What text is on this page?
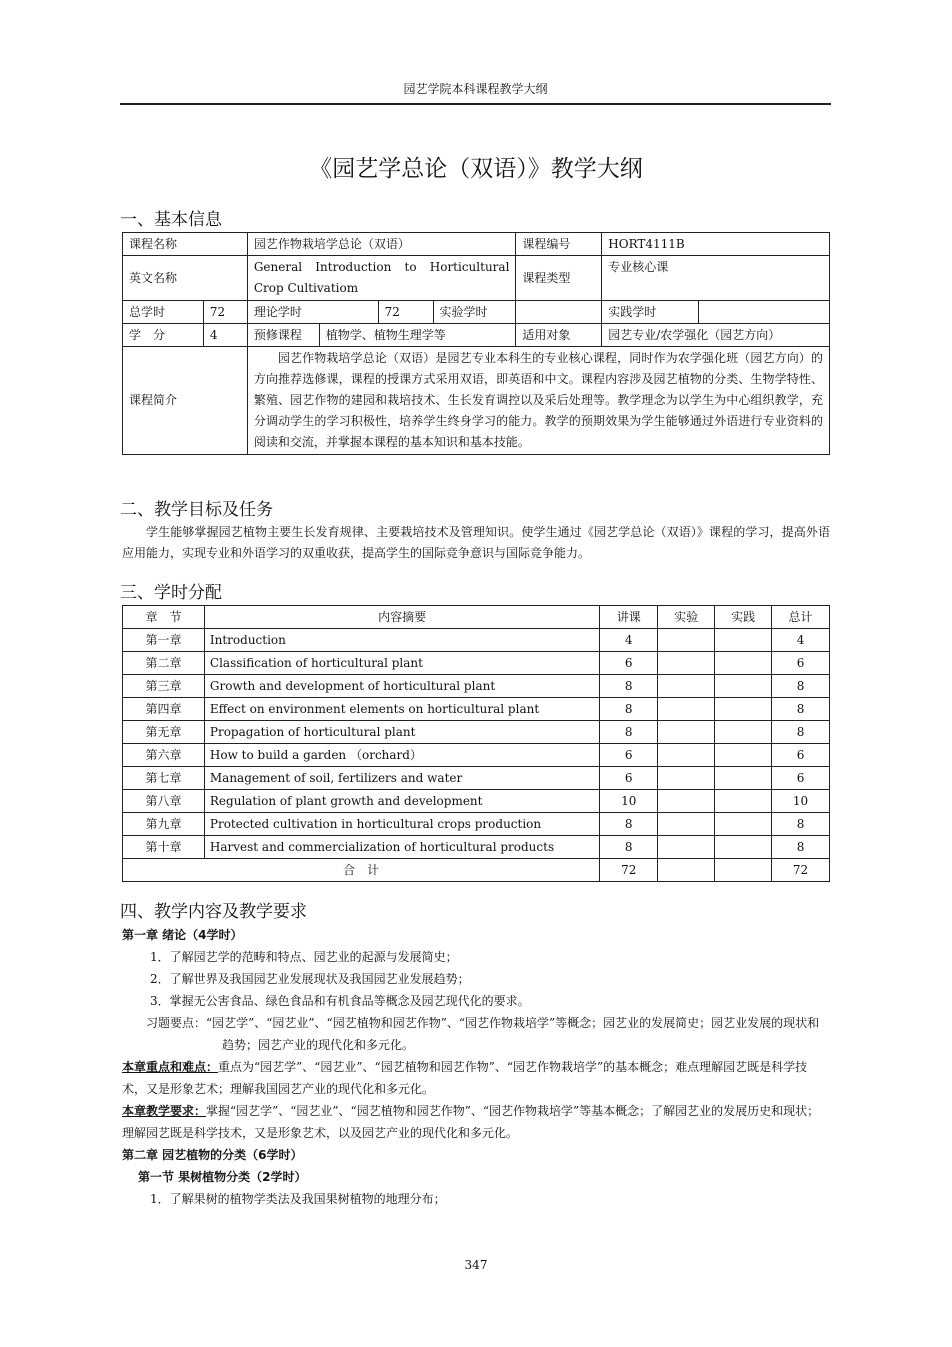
园艺学院本科课程教学大纲
《园艺学总论（双语）》教学大纲
一、基本信息
课程名称		园艺作物栽培学总论（双语）				课程编号	HORT4111B	
英文名称		General Introduction to Horticultural Crop Cultivatiom				课程类型	专业核心课	
总学时	72	理论学时		72	实验学时		实践学时	
学　分	4	预修课程	植物学、植物生理学等			适用对象	园艺专业/农学强化（园艺方向）	
课程简介		园艺作物栽培学总论（双语）是园艺专业本科生的专业核心课程，同时作为农学强化班（园艺方向）的方向推荐选修课，课程的授课方式采用双语，即英语和中文。课程内容涉及园艺植物的分类、生物学特性、繁殖、园艺作物的建园和栽培技术、生长发育调控以及采后处理等。教学理念为以学生为中心组织教学，充分调动学生的学习积极性，培养学生终身学习的能力。教学的预期效果为学生能够通过外语进行专业资料的阅读和交流，并掌握本课程的基本知识和基本技能。						
二、教学目标及任务
学生能够掌握园艺植物主要生长发育规律、主要栽培技术及管理知识。使学生通过《园艺学总论（双语）》课程的学习，提高外语应用能力，实现专业和外语学习的双重收获，提高学生的国际竞争意识与国际竞争能力。
三、学时分配
章　节	内容摘要	讲课	实验	实践	总计
第一章	Introduction	4			4
第二章	Classification of horticultural plant	6			6
第三章	Growth and development of horticultural plant	8			8
第四章	Effect on environment elements on horticultural plant	8			8
第无章	Propagation of horticultural plant	8			8
第六章	How to build a garden （orchard）	6			6
第七章	Management of soil, fertilizers and water	6			6
第八章	Regulation of plant growth and development	10			10
第九章	Protected cultivation in horticultural crops production	8			8
第十章	Harvest and commercialization of horticultural products	8			8
合　计		72			72
四、教学内容及教学要求
第一章 绪论（4学时）
1．了解园艺学的范畴和特点、园艺业的起源与发展简史；
2．了解世界及我国园艺业发展现状及我国园艺业发展趋势；
3．掌握无公害食品、绿色食品和有机食品等概念及园艺现代化的要求。
习题要点：“园艺学”、“园艺业”、“园艺植物和园艺作物”、“园艺作物栽培学”等概念；园艺业的发展简史；园艺业发展的现状和趋势；园艺产业的现代化和多元化。
本章重点和难点：重点为“园艺学”、“园艺业”、“园艺植物和园艺作物”、“园艺作物栽培学”的基本概念；难点理解园艺既是科学技术，又是形象艺术；理解我国园艺产业的现代化和多元化。
本章教学要求：掌握“园艺学”、“园艺业”、“园艺植物和园艺作物”、“园艺作物栽培学”等基本概念；了解园艺业的发展历史和现状；理解园艺既是科学技术，又是形象艺术，以及园艺产业的现代化和多元化。
第二章 园艺植物的分类（6学时）
第一节 果树植物分类（2学时）
1．了解果树的植物学类法及我国果树植物的地理分布；
347
